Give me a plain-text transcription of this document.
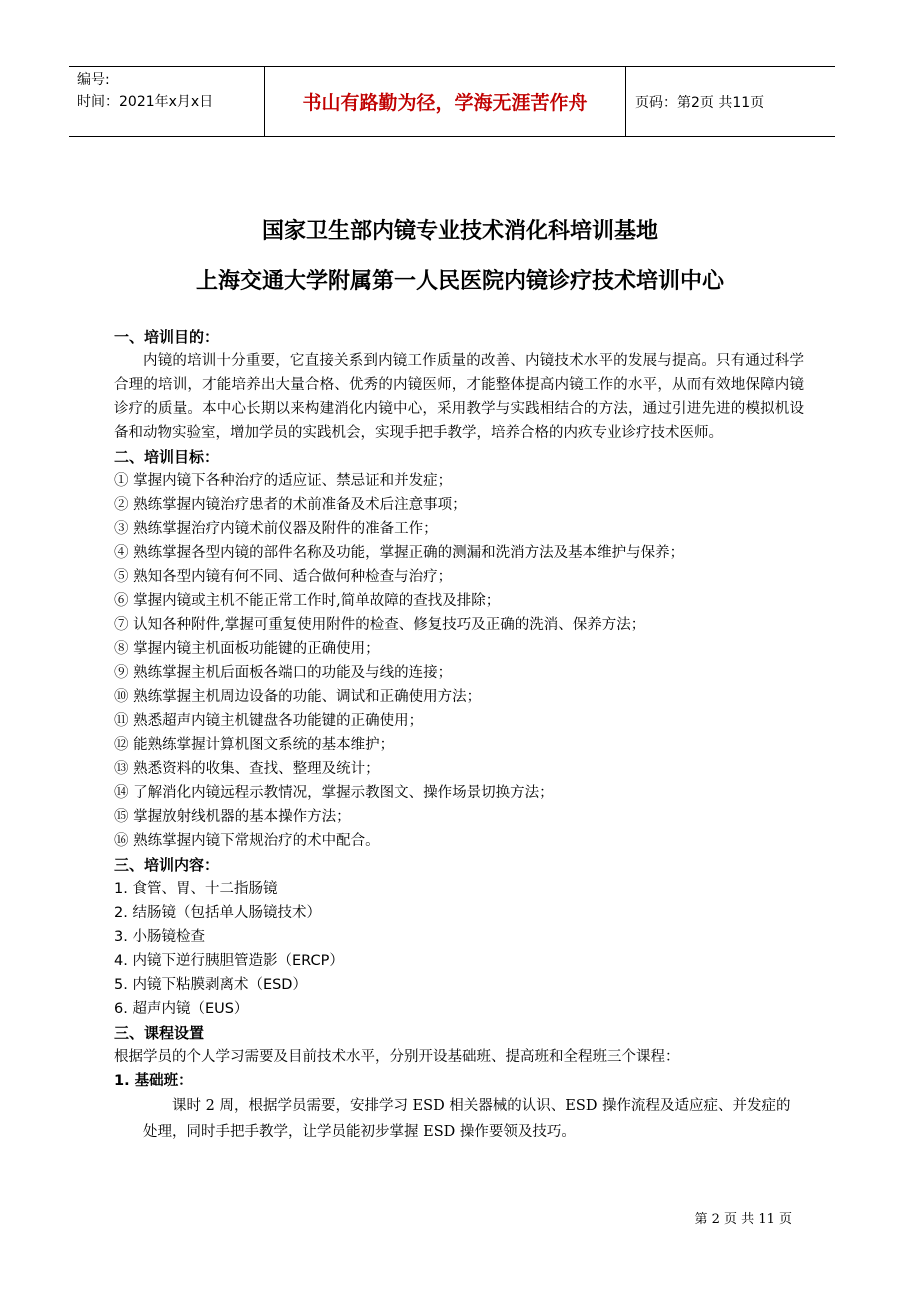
编号:
时间：2021年x月x日	书山有路勤为径，学海无涯苦作舟	页码：第2页 共11页
国家卫生部内镜专业技术消化科培训基地
上海交通大学附属第一人民医院内镜诊疗技术培训中心
一、培训目的：
内镜的培训十分重要，它直接关系到内镜工作质量的改善、内镜技术水平的发展与提高。只有通过科学合理的培训，才能培养出大量合格、优秀的内镜医师，才能整体提高内镜工作的水平，从而有效地保障内镜诊疗的质量。本中心长期以来构建消化内镜中心，采用教学与实践相结合的方法，通过引进先进的模拟机设备和动物实验室，增加学员的实践机会，实现手把手教学，培养合格的内疚专业诊疗技术医师。
二、培训目标：
① 掌握内镜下各种治疗的适应证、禁忌证和并发症；
② 熟练掌握内镜治疗患者的术前准备及术后注意事项；
③ 熟练掌握治疗内镜术前仪器及附件的准备工作；
④ 熟练掌握各型内镜的部件名称及功能，掌握正确的测漏和洗消方法及基本维护与保养；
⑤ 熟知各型内镜有何不同、适合做何种检查与治疗；
⑥ 掌握内镜或主机不能正常工作时,简单故障的查找及排除；
⑦ 认知各种附件,掌握可重复使用附件的检查、修复技巧及正确的洗消、保养方法；
⑧ 掌握内镜主机面板功能键的正确使用；
⑨ 熟练掌握主机后面板各端口的功能及与线的连接；
⑩ 熟练掌握主机周边设备的功能、调试和正确使用方法；
⑪ 熟悉超声内镜主机键盘各功能键的正确使用；
⑫ 能熟练掌握计算机图文系统的基本维护；
⑬ 熟悉资料的收集、查找、整理及统计；
⑭ 了解消化内镜远程示教情况，掌握示教图文、操作场景切换方法；
⑮ 掌握放射线机器的基本操作方法；
⑯ 熟练掌握内镜下常规治疗的术中配合。
三、培训内容：
1. 食管、胃、十二指肠镜
2. 结肠镜（包括单人肠镜技术）
3. 小肠镜检查
4. 内镜下逆行胰胆管造影（ERCP）
5. 内镜下粘膜剥离术（ESD）
6. 超声内镜（EUS）
三、课程设置
根据学员的个人学习需要及目前技术水平，分别开设基础班、提高班和全程班三个课程：
1. 基础班：
课时 2 周，根据学员需要，安排学习 ESD 相关器械的认识、ESD 操作流程及适应症、并发症的处理，同时手把手教学，让学员能初步掌握 ESD 操作要领及技巧。
第 2 页 共 11 页
